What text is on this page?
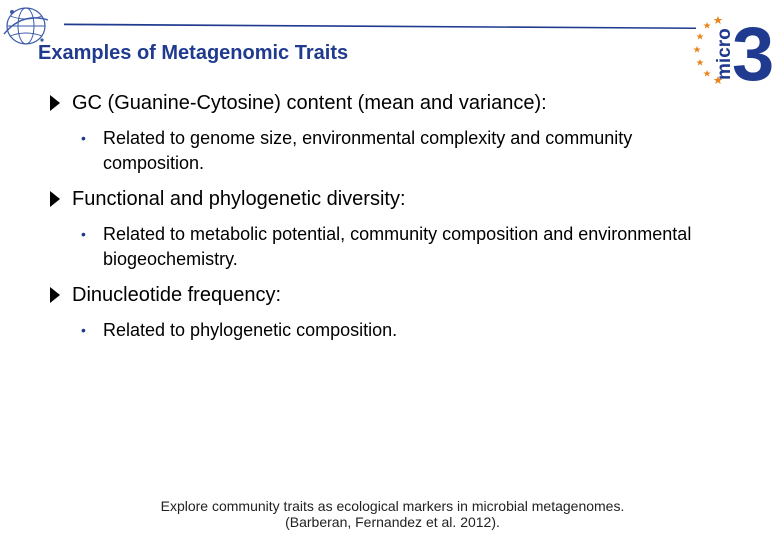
Examples of Metagenomic Traits	micro
3
GC (Guanine-Cytosine) content (mean and variance):
• Related to genome size, environmental complexity and community composition.
Functional and phylogenetic diversity:
• Related to metabolic potential, community composition and environmental biogeochemistry.
Dinucleotide frequency:
• Related to phylogenetic composition.
Explore community traits as ecological markers in microbial metagenomes.
(Barberan, Fernandez et al. 2012).
